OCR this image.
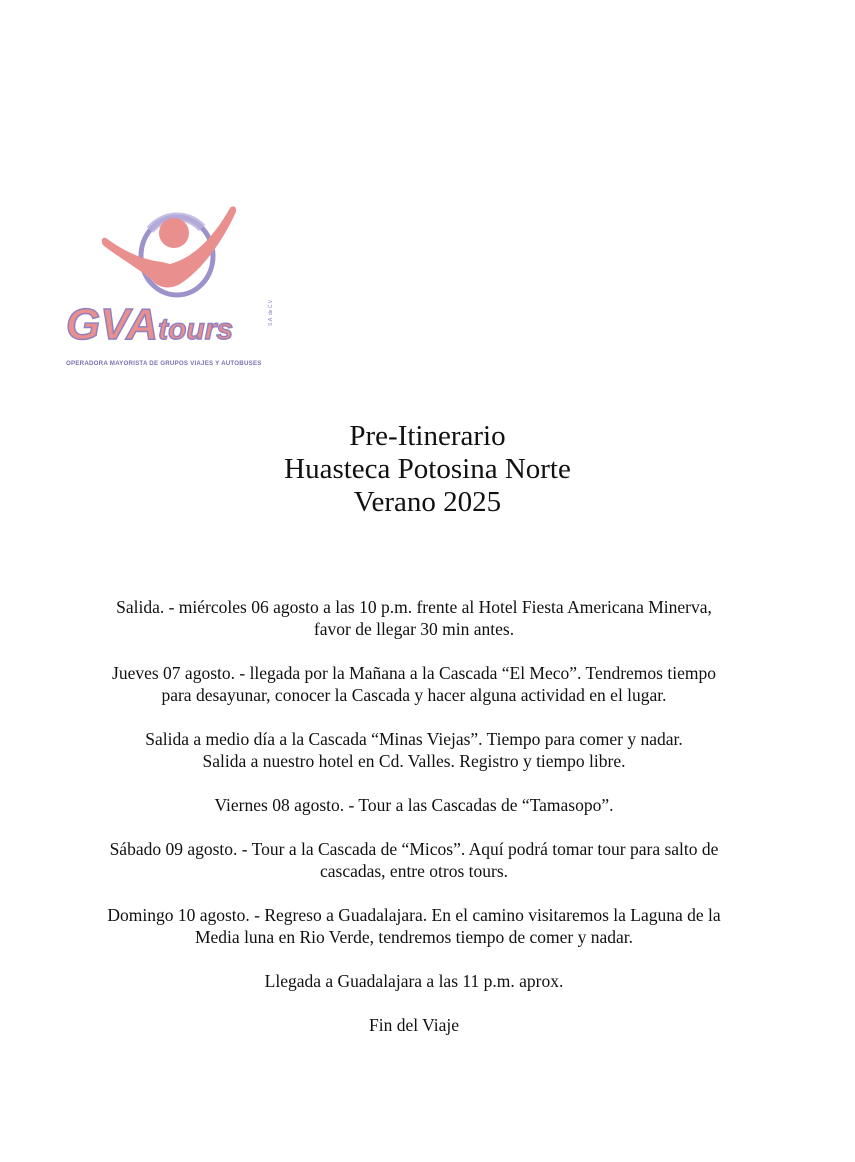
GVAtours
S.A. de C.V.
OPERADORA MAYORISTA DE GRUPOS VIAJES Y AUTOBUSES
Pre-Itinerario
Huasteca Potosina Norte
Verano 2025

Salida. - miércoles 06 agosto a las 10 p.m. frente al Hotel Fiesta Americana Minerva,
favor de llegar 30 min antes.

Jueves 07 agosto. - llegada por la Mañana a la Cascada “El Meco”. Tendremos tiempo
para desayunar, conocer la Cascada y hacer alguna actividad en el lugar.

Salida a medio día a la Cascada “Minas Viejas”. Tiempo para comer y nadar.
Salida a nuestro hotel en Cd. Valles. Registro y tiempo libre.

Viernes 08 agosto. - Tour a las Cascadas de “Tamasopo”.

Sábado 09 agosto. - Tour a la Cascada de “Micos”. Aquí podrá tomar tour para salto de
cascadas, entre otros tours.

Domingo 10 agosto. - Regreso a Guadalajara. En el camino visitaremos la Laguna de la
Media luna en Rio Verde, tendremos tiempo de comer y nadar.

Llegada a Guadalajara a las 11 p.m. aprox.

Fin del Viaje
